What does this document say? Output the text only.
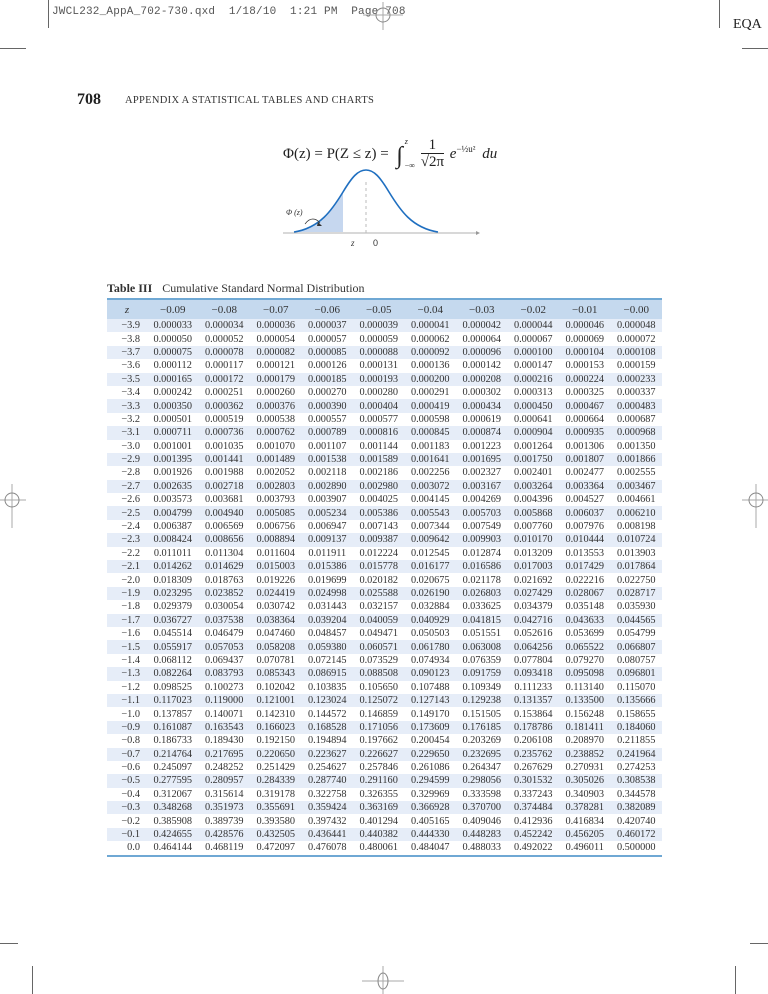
JWCL232_AppA_702-730.qxd  1/18/10  1:21 PM  Page 708
EQA
708 APPENDIX A STATISTICAL TABLES AND CHARTS
Φ(z) = P(Z ≤ z) = ∫
z
−∞
$\frac{1}{√2\pi} e^{-\frac{1}{2}u^2}$ du
Φ (z)
z 0
Table III Cumulative Standard Normal Distribution
z	−0.09	−0.08	−0.07	−0.06	−0.05	−0.04	−0.03	−0.02	−0.01	−0.00
−3.9	0.000033	0.000034	0.000036	0.000037	0.000039	0.000041	0.000042	0.000044	0.000046	0.000048
−3.8	0.000050	0.000052	0.000054	0.000057	0.000059	0.000062	0.000064	0.000067	0.000069	0.000072
−3.7	0.000075	0.000078	0.000082	0.000085	0.000088	0.000092	0.000096	0.000100	0.000104	0.000108
−3.6	0.000112	0.000117	0.000121	0.000126	0.000131	0.000136	0.000142	0.000147	0.000153	0.000159
−3.5	0.000165	0.000172	0.000179	0.000185	0.000193	0.000200	0.000208	0.000216	0.000224	0.000233
−3.4	0.000242	0.000251	0.000260	0.000270	0.000280	0.000291	0.000302	0.000313	0.000325	0.000337
−3.3	0.000350	0.000362	0.000376	0.000390	0.000404	0.000419	0.000434	0.000450	0.000467	0.000483
−3.2	0.000501	0.000519	0.000538	0.000557	0.000577	0.000598	0.000619	0.000641	0.000664	0.000687
−3.1	0.000711	0.000736	0.000762	0.000789	0.000816	0.000845	0.000874	0.000904	0.000935	0.000968
−3.0	0.001001	0.001035	0.001070	0.001107	0.001144	0.001183	0.001223	0.001264	0.001306	0.001350
−2.9	0.001395	0.001441	0.001489	0.001538	0.001589	0.001641	0.001695	0.001750	0.001807	0.001866
−2.8	0.001926	0.001988	0.002052	0.002118	0.002186	0.002256	0.002327	0.002401	0.002477	0.002555
−2.7	0.002635	0.002718	0.002803	0.002890	0.002980	0.003072	0.003167	0.003264	0.003364	0.003467
−2.6	0.003573	0.003681	0.003793	0.003907	0.004025	0.004145	0.004269	0.004396	0.004527	0.004661
−2.5	0.004799	0.004940	0.005085	0.005234	0.005386	0.005543	0.005703	0.005868	0.006037	0.006210
−2.4	0.006387	0.006569	0.006756	0.006947	0.007143	0.007344	0.007549	0.007760	0.007976	0.008198
−2.3	0.008424	0.008656	0.008894	0.009137	0.009387	0.009642	0.009903	0.010170	0.010444	0.010724
−2.2	0.011011	0.011304	0.011604	0.011911	0.012224	0.012545	0.012874	0.013209	0.013553	0.013903
−2.1	0.014262	0.014629	0.015003	0.015386	0.015778	0.016177	0.016586	0.017003	0.017429	0.017864
−2.0	0.018309	0.018763	0.019226	0.019699	0.020182	0.020675	0.021178	0.021692	0.022216	0.022750
−1.9	0.023295	0.023852	0.024419	0.024998	0.025588	0.026190	0.026803	0.027429	0.028067	0.028717
−1.8	0.029379	0.030054	0.030742	0.031443	0.032157	0.032884	0.033625	0.034379	0.035148	0.035930
−1.7	0.036727	0.037538	0.038364	0.039204	0.040059	0.040929	0.041815	0.042716	0.043633	0.044565
−1.6	0.045514	0.046479	0.047460	0.048457	0.049471	0.050503	0.051551	0.052616	0.053699	0.054799
−1.5	0.055917	0.057053	0.058208	0.059380	0.060571	0.061780	0.063008	0.064256	0.065522	0.066807
−1.4	0.068112	0.069437	0.070781	0.072145	0.073529	0.074934	0.076359	0.077804	0.079270	0.080757
−1.3	0.082264	0.083793	0.085343	0.086915	0.088508	0.090123	0.091759	0.093418	0.095098	0.096801
−1.2	0.098525	0.100273	0.102042	0.103835	0.105650	0.107488	0.109349	0.111233	0.113140	0.115070
−1.1	0.117023	0.119000	0.121001	0.123024	0.125072	0.127143	0.129238	0.131357	0.133500	0.135666
−1.0	0.137857	0.140071	0.142310	0.144572	0.146859	0.149170	0.151505	0.153864	0.156248	0.158655
−0.9	0.161087	0.163543	0.166023	0.168528	0.171056	0.173609	0.176185	0.178786	0.181411	0.184060
−0.8	0.186733	0.189430	0.192150	0.194894	0.197662	0.200454	0.203269	0.206108	0.208970	0.211855
−0.7	0.214764	0.217695	0.220650	0.223627	0.226627	0.229650	0.232695	0.235762	0.238852	0.241964
−0.6	0.245097	0.248252	0.251429	0.254627	0.257846	0.261086	0.264347	0.267629	0.270931	0.274253
−0.5	0.277595	0.280957	0.284339	0.287740	0.291160	0.294599	0.298056	0.301532	0.305026	0.308538
−0.4	0.312067	0.315614	0.319178	0.322758	0.326355	0.329969	0.333598	0.337243	0.340903	0.344578
−0.3	0.348268	0.351973	0.355691	0.359424	0.363169	0.366928	0.370700	0.374484	0.378281	0.382089
−0.2	0.385908	0.389739	0.393580	0.397432	0.401294	0.405165	0.409046	0.412936	0.416834	0.420740
−0.1	0.424655	0.428576	0.432505	0.436441	0.440382	0.444330	0.448283	0.452242	0.456205	0.460172
0.0	0.464144	0.468119	0.472097	0.476078	0.480061	0.484047	0.488033	0.492022	0.496011	0.500000
